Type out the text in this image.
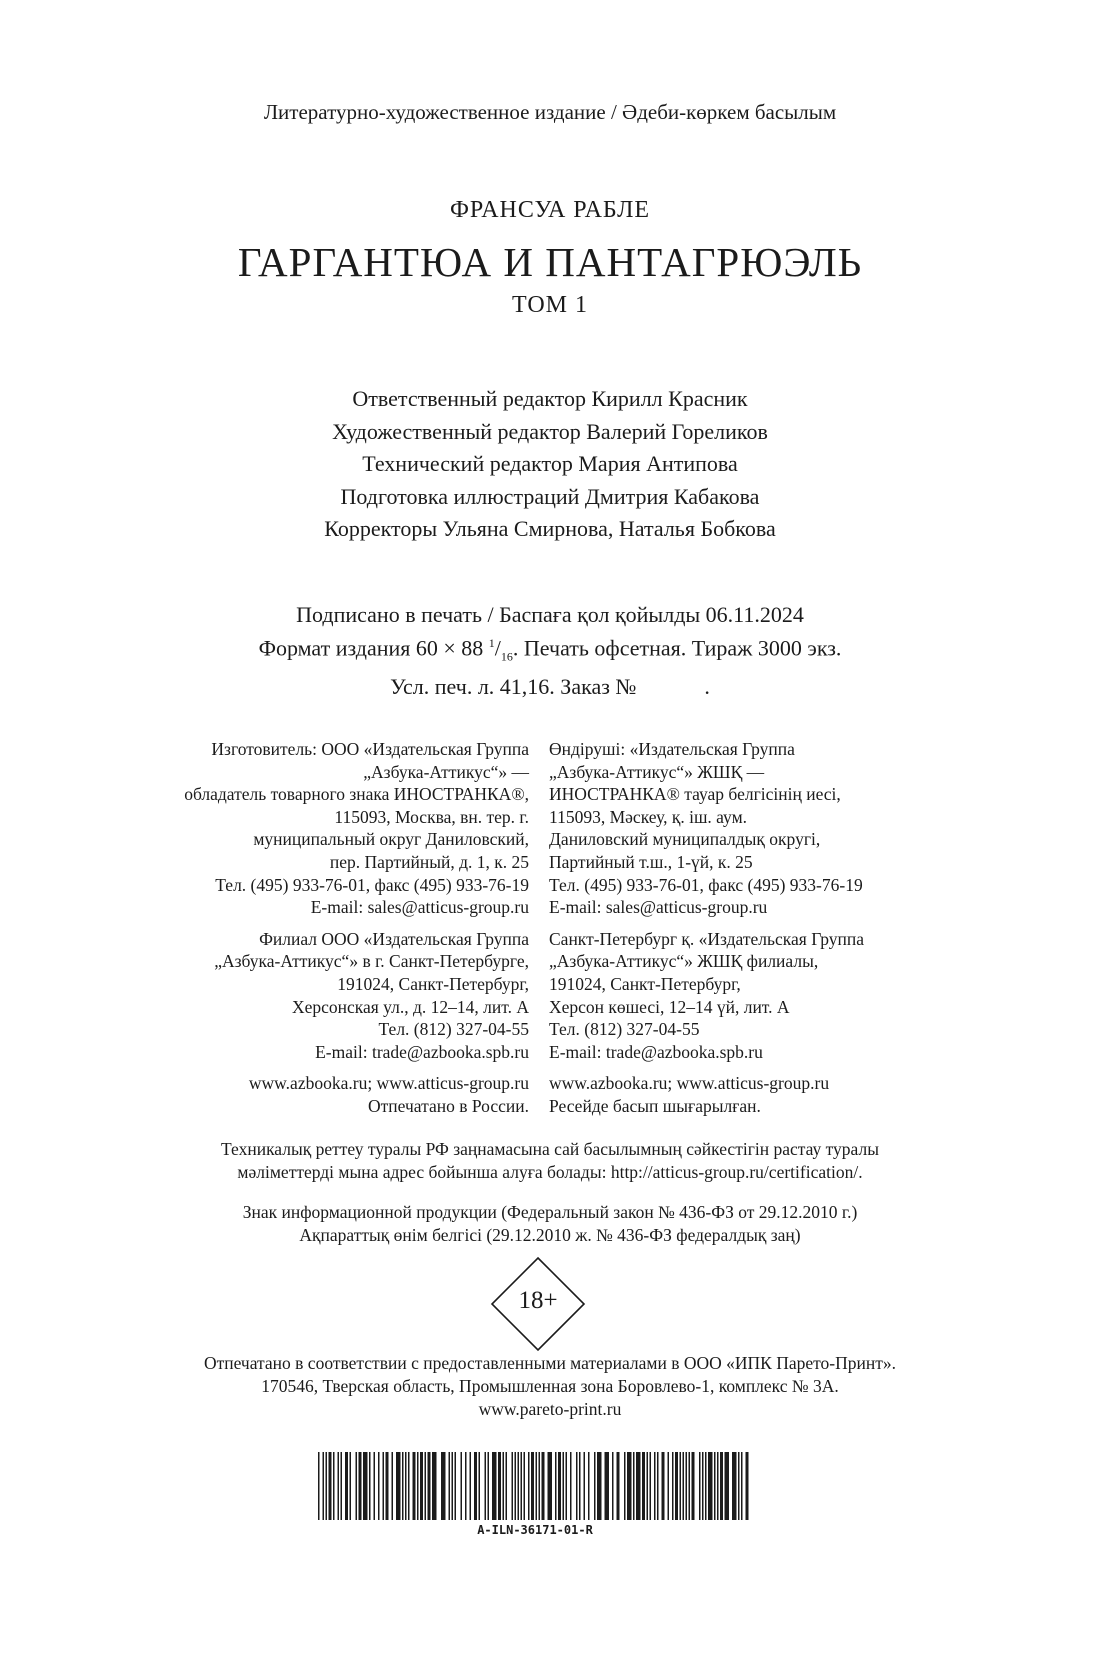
Литературно-художественное издание / Әдеби-көркем басылым
ФРАНСУА РАБЛЕ
ГАРГАНТЮА И ПАНТАГРЮЭЛЬ
ТОМ 1
Ответственный редактор Кирилл Красник
Художественный редактор Валерий Гореликов
Технический редактор Мария Антипова
Подготовка иллюстраций Дмитрия Кабакова
Корректоры Ульяна Смирнова, Наталья Бобкова
Подписано в печать / Баспаға қол қойылды 06.11.2024
Формат издания 60 × 88 $^1/_{16}$. Печать офсетная. Тираж 3000 экз.
Усл. печ. л. 41,16. Заказ №	.
Изготовитель: ООО «Издательская Группа
„Азбука-Аттикус“» —
обладатель товарного знака ИНОСТРАНКА®,
115093, Москва, вн. тер. г.
муниципальный округ Даниловский,
пер. Партийный, д. 1, к. 25
Тел. (495) 933-76-01, факс (495) 933-76-19
E-mail: sales@atticus-group.ru
Филиал ООО «Издательская Группа
„Азбука-Аттикус“» в г. Санкт-Петербурге,
191024, Санкт-Петербург,
Херсонская ул., д. 12–14, лит. А
Тел. (812) 327-04-55
E-mail: trade@azbooka.spb.ru
www.azbooka.ru; www.atticus-group.ru
Отпечатано в России.
Өндіруші: «Издательская Группа
„Азбука-Аттикус“» ЖШҚ —
ИНОСТРАНКА® тауар белгісінің иесі,
115093, Мәскеу, қ. іш. аум.
Даниловский муниципалдық округі,
Партийный т.ш., 1-үй, к. 25
Тел. (495) 933-76-01, факс (495) 933-76-19
E-mail: sales@atticus-group.ru
Санкт-Петербург қ. «Издательская Группа
„Азбука-Аттикус“» ЖШҚ филиалы,
191024, Санкт-Петербург,
Херсон көшесі, 12–14 үй, лит. А
Тел. (812) 327-04-55
E-mail: trade@azbooka.spb.ru
www.azbooka.ru; www.atticus-group.ru
Ресейде басып шығарылған.
Техникалық реттеу туралы РФ заңнамасына сай басылымның сәйкестігін растау туралы
мәліметтерді мына адрес бойынша алуға болады: http://atticus-group.ru/certification/.
Знак информационной продукции (Федеральный закон № 436-ФЗ от 29.12.2010 г.)
Ақпараттық өнім белгісі (29.12.2010 ж. № 436-ФЗ федералдық заң)
18+
Отпечатано в соответствии с предоставленными материалами в ООО «ИПК Парето-Принт».
170546, Тверская область, Промышленная зона Боровлево-1, комплекс № 3А.
www.pareto-print.ru
A-ILN-36171-01-R
